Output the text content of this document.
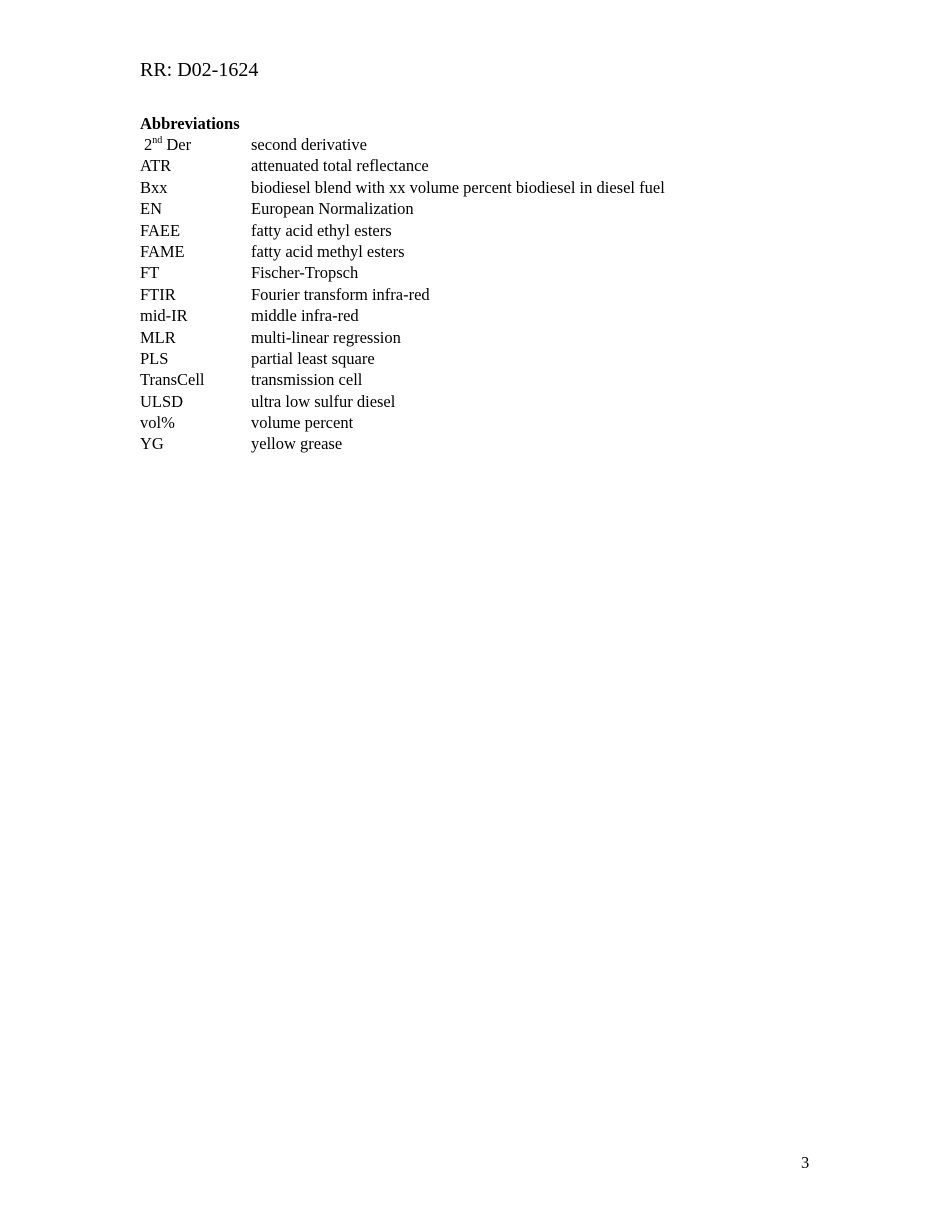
RR: D02-1624
Abbreviations
2nd Der	second derivative
ATR	attenuated total reflectance
Bxx	biodiesel blend with xx volume percent biodiesel in diesel fuel
EN	European Normalization
FAEE	fatty acid ethyl esters
FAME	fatty acid methyl esters
FT	Fischer-Tropsch
FTIR	Fourier transform infra-red
mid-IR	middle infra-red
MLR	multi-linear regression
PLS	partial least square
TransCell	transmission cell
ULSD	ultra low sulfur diesel
vol%	volume percent
YG	yellow grease
3
